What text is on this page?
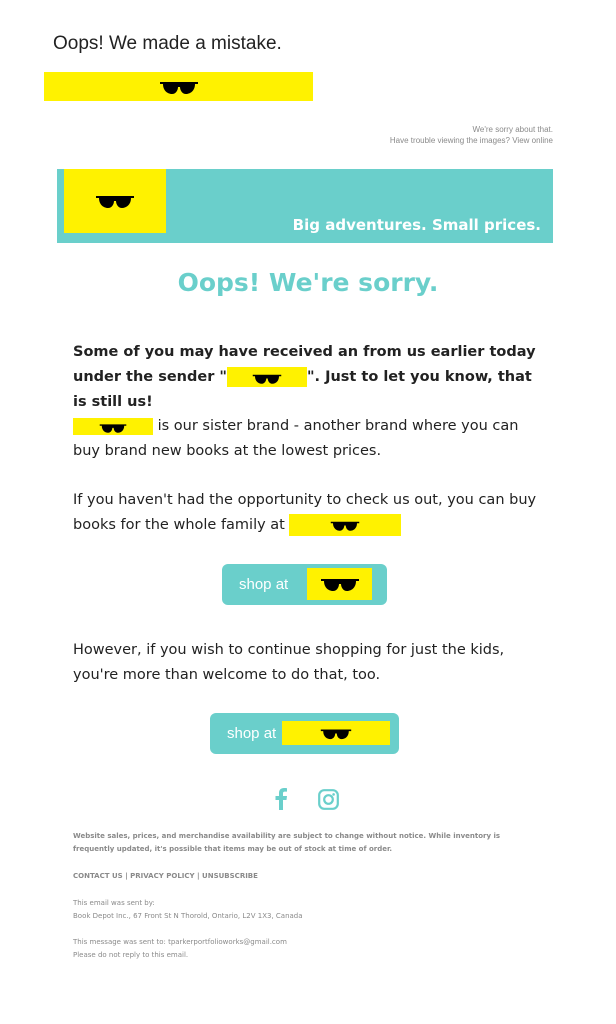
Oops! We made a mistake.
We're sorry about that.
Have trouble viewing the images? View online
Big adventures. Small prices.
Oops! We're sorry.

Some of you may have received an from us earlier today under the sender "	". Just to let you know, that is still us!

is our sister brand - another brand where you can buy brand new books at the lowest prices.

If you haven't had the opportunity to check us out, you can buy books for the whole family at

shop at

However, if you wish to continue shopping for just the kids, you're more than welcome to do that, too.

shop at

Website sales, prices, and merchandise availability are subject to change without notice. While inventory is frequently updated, it's possible that items may be out of stock at time of order.

CONTACT US | PRIVACY POLICY | UNSUBSCRIBE

This email was sent by:
Book Depot Inc., 67 Front St N Thorold, Ontario, L2V 1X3, Canada
This message was sent to: tparkerportfolioworks@gmail.com
Please do not reply to this email.
